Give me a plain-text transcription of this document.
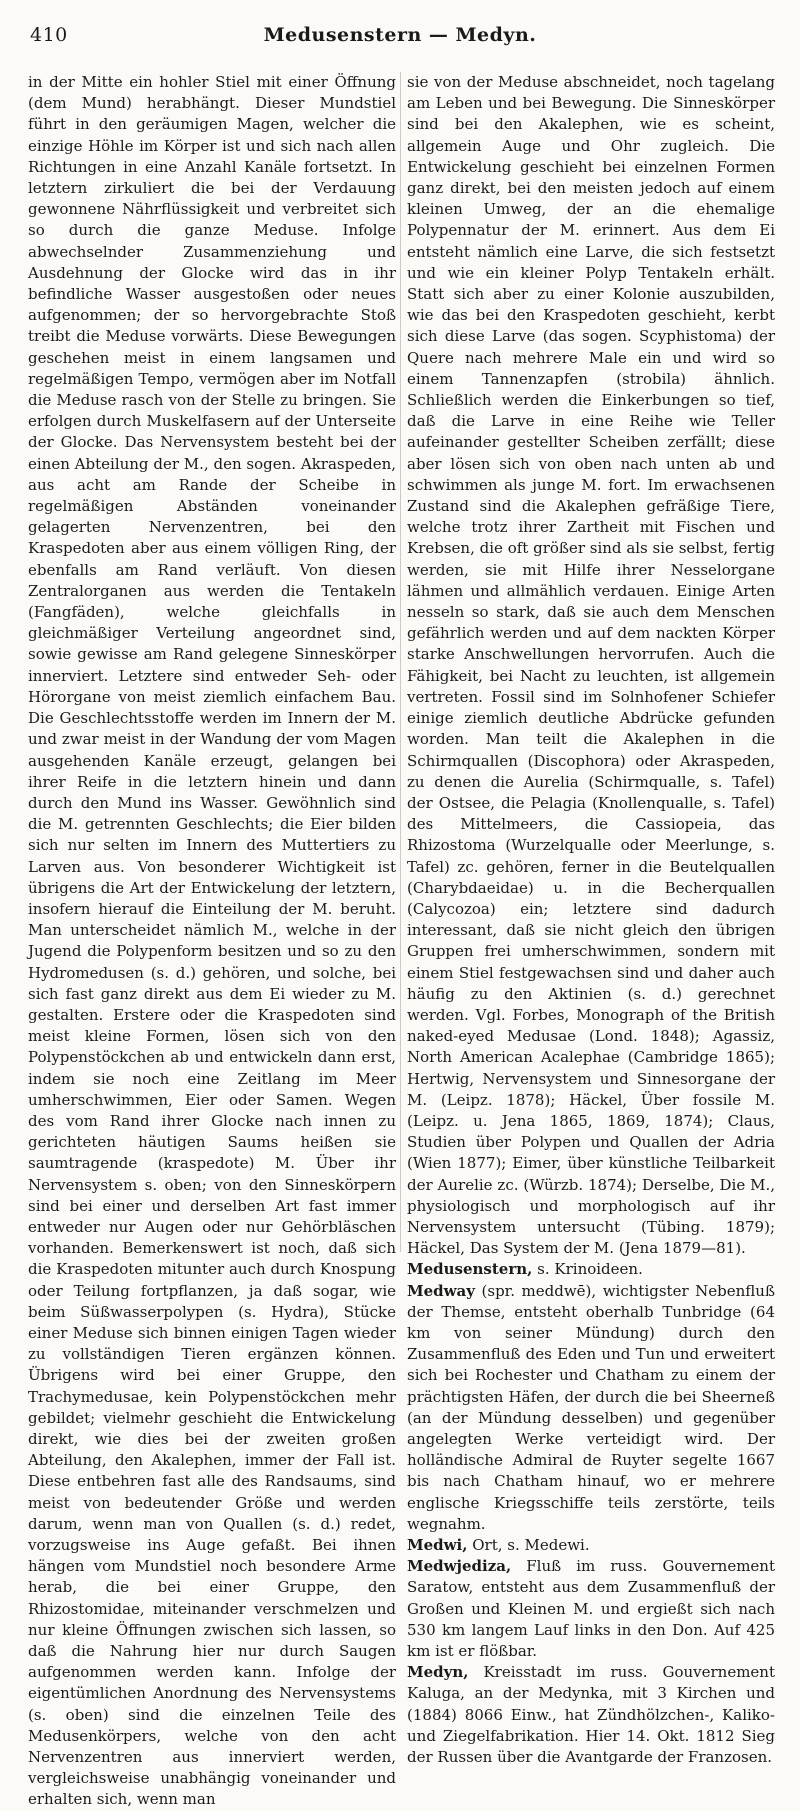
410	Medusenstern — Medyn.

in der Mitte ein hohler Stiel mit einer Öffnung (dem Mund) herabhängt. Dieser Mundstiel führt in den geräumigen Magen, welcher die einzige Höhle im Körper ist und sich nach allen Richtungen in eine Anzahl Kanäle fortsetzt. In letztern zirkuliert die bei der Verdauung gewonnene Nährflüssigkeit und verbreitet sich so durch die ganze Meduse. Infolge abwechselnder Zusammenziehung und Ausdehnung der Glocke wird das in ihr befindliche Wasser ausgestoßen oder neues aufgenommen; der so hervorgebrachte Stoß treibt die Meduse vorwärts. Diese Bewegungen geschehen meist in einem langsamen und regelmäßigen Tempo, vermögen aber im Notfall die Meduse rasch von der Stelle zu bringen. Sie erfolgen durch Muskelfasern auf der Unterseite der Glocke. Das Nervensystem besteht bei der einen Abteilung der M., den sogen. Akraspeden, aus acht am Rande der Scheibe in regelmäßigen Abständen voneinander gelagerten Nervenzentren, bei den Kraspedoten aber aus einem völligen Ring, der ebenfalls am Rand verläuft. Von diesen Zentralorganen aus werden die Tentakeln (Fangfäden), welche gleichfalls in gleichmäßiger Verteilung angeordnet sind, sowie gewisse am Rand gelegene Sinneskörper innerviert. Letztere sind entweder Seh- oder Hörorgane von meist ziemlich einfachem Bau. Die Geschlechtsstoffe werden im Innern der M. und zwar meist in der Wandung der vom Magen ausgehenden Kanäle erzeugt, gelangen bei ihrer Reife in die letztern hinein und dann durch den Mund ins Wasser. Gewöhnlich sind die M. getrennten Geschlechts; die Eier bilden sich nur selten im Innern des Muttertiers zu Larven aus. Von besonderer Wichtigkeit ist übrigens die Art der Entwickelung der letztern, insofern hierauf die Einteilung der M. beruht. Man unterscheidet nämlich M., welche in der Jugend die Polypenform besitzen und so zu den Hydromedusen (s. d.) gehören, und solche, bei sich fast ganz direkt aus dem Ei wieder zu M. gestalten. Erstere oder die Kraspedoten sind meist kleine Formen, lösen sich von den Polypenstöckchen ab und entwickeln dann erst, indem sie noch eine Zeitlang im Meer umherschwimmen, Eier oder Samen. Wegen des vom Rand ihrer Glocke nach innen zu gerichteten häutigen Saums heißen sie saumtragende (kraspedote) M. Über ihr Nervensystem s. oben; von den Sinneskörpern sind bei einer und derselben Art fast immer entweder nur Augen oder nur Gehörbläschen vorhanden. Bemerkenswert ist noch, daß sich die Kraspedoten mitunter auch durch Knospung oder Teilung fortpflanzen, ja daß sogar, wie beim Süßwasserpolypen (s. Hydra), Stücke einer Meduse sich binnen einigen Tagen wieder zu vollständigen Tieren ergänzen können. Übrigens wird bei einer Gruppe, den Trachymedusae, kein Polypenstöckchen mehr gebildet; vielmehr geschieht die Entwickelung direkt, wie dies bei der zweiten großen Abteilung, den Akalephen, immer der Fall ist. Diese entbehren fast alle des Randsaums, sind meist von bedeutender Größe und werden darum, wenn man von Quallen (s. d.) redet, vorzugsweise ins Auge gefaßt. Bei ihnen hängen vom Mundstiel noch besondere Arme herab, die bei einer Gruppe, den Rhizostomidae, miteinander verschmelzen und nur kleine Öffnungen zwischen sich lassen, so daß die Nahrung hier nur durch Saugen aufgenommen werden kann. Infolge der eigentümlichen Anordnung des Nervensystems (s. oben) sind die einzelnen Teile des Medusenkörpers, welche von den acht Nervenzentren aus innerviert werden, vergleichsweise unabhängig voneinander und erhalten sich, wenn man

sie von der Meduse abschneidet, noch tagelang am Leben und bei Bewegung. Die Sinneskörper sind bei den Akalephen, wie es scheint, allgemein Auge und Ohr zugleich. Die Entwickelung geschieht bei einzelnen Formen ganz direkt, bei den meisten jedoch auf einem kleinen Umweg, der an die ehemalige Polypennatur der M. erinnert. Aus dem Ei entsteht nämlich eine Larve, die sich festsetzt und wie ein kleiner Polyp Tentakeln erhält. Statt sich aber zu einer Kolonie auszubilden, wie das bei den Kraspedoten geschieht, kerbt sich diese Larve (das sogen. Scyphistoma) der Quere nach mehrere Male ein und wird so einem Tannenzapfen (strobila) ähnlich. Schließlich werden die Einkerbungen so tief, daß die Larve in eine Reihe wie Teller aufeinander gestellter Scheiben zerfällt; diese aber lösen sich von oben nach unten ab und schwimmen als junge M. fort. Im erwachsenen Zustand sind die Akalephen gefräßige Tiere, welche trotz ihrer Zartheit mit Fischen und Krebsen, die oft größer sind als sie selbst, fertig werden, sie mit Hilfe ihrer Nesselorgane lähmen und allmählich verdauen. Einige Arten nesseln so stark, daß sie auch dem Menschen gefährlich werden und auf dem nackten Körper starke Anschwellungen hervorrufen. Auch die Fähigkeit, bei Nacht zu leuchten, ist allgemein vertreten. Fossil sind im Solnhofener Schiefer einige ziemlich deutliche Abdrücke gefunden worden. Man teilt die Akalephen in die Schirmquallen (Discophora) oder Akraspeden, zu denen die Aurelia (Schirmqualle, s. Tafel) der Ostsee, die Pelagia (Knollenqualle, s. Tafel) des Mittelmeers, die Cassiopeia, das Rhizostoma (Wurzelqualle oder Meerlunge, s. Tafel) zc. gehören, ferner in die Beutelquallen (Charybdaeidae) u. in die Becherquallen (Calycozoa) ein; letztere sind dadurch interessant, daß sie nicht gleich den übrigen Gruppen frei umherschwimmen, sondern mit einem Stiel festgewachsen sind und daher auch häufig zu den Aktinien (s. d.) gerechnet werden. Vgl. Forbes, Monograph of the British naked-eyed Medusae (Lond. 1848); Agassiz, North American Acalephae (Cambridge 1865); Hertwig, Nervensystem und Sinnesorgane der M. (Leipz. 1878); Häckel, Über fossile M. (Leipz. u. Jena 1865, 1869, 1874); Claus, Studien über Polypen und Quallen der Adria (Wien 1877); Eimer, über künstliche Teilbarkeit der Aurelie zc. (Würzb. 1874); Derselbe, Die M., physiologisch und morphologisch auf ihr Nervensystem untersucht (Tübing. 1879); Häckel, Das System der M. (Jena 1879—81).

Medusenstern, s. Krinoideen.

Medway (spr. meddwē), wichtigster Nebenfluß der Themse, entsteht oberhalb Tunbridge (64 km von seiner Mündung) durch den Zusammenfluß des Eden und Tun und erweitert sich bei Rochester und Chatham zu einem der prächtigsten Häfen, der durch die bei Sheerneß (an der Mündung desselben) und gegenüber angelegten Werke verteidigt wird. Der holländische Admiral de Ruyter segelte 1667 bis nach Chatham hinauf, wo er mehrere englische Kriegsschiffe teils zerstörte, teils wegnahm.

Medwi, Ort, s. Medewi.

Medwjediza, Fluß im russ. Gouvernement Saratow, entsteht aus dem Zusammenfluß der Großen und Kleinen M. und ergießt sich nach 530 km langem Lauf links in den Don. Auf 425 km ist er flößbar.

Medyn, Kreisstadt im russ. Gouvernement Kaluga, an der Medynka, mit 3 Kirchen und (1884) 8066 Einw., hat Zündhölzchen-, Kaliko- und Ziegelfabrikation. Hier 14. Okt. 1812 Sieg der Russen über die Avantgarde der Franzosen.
